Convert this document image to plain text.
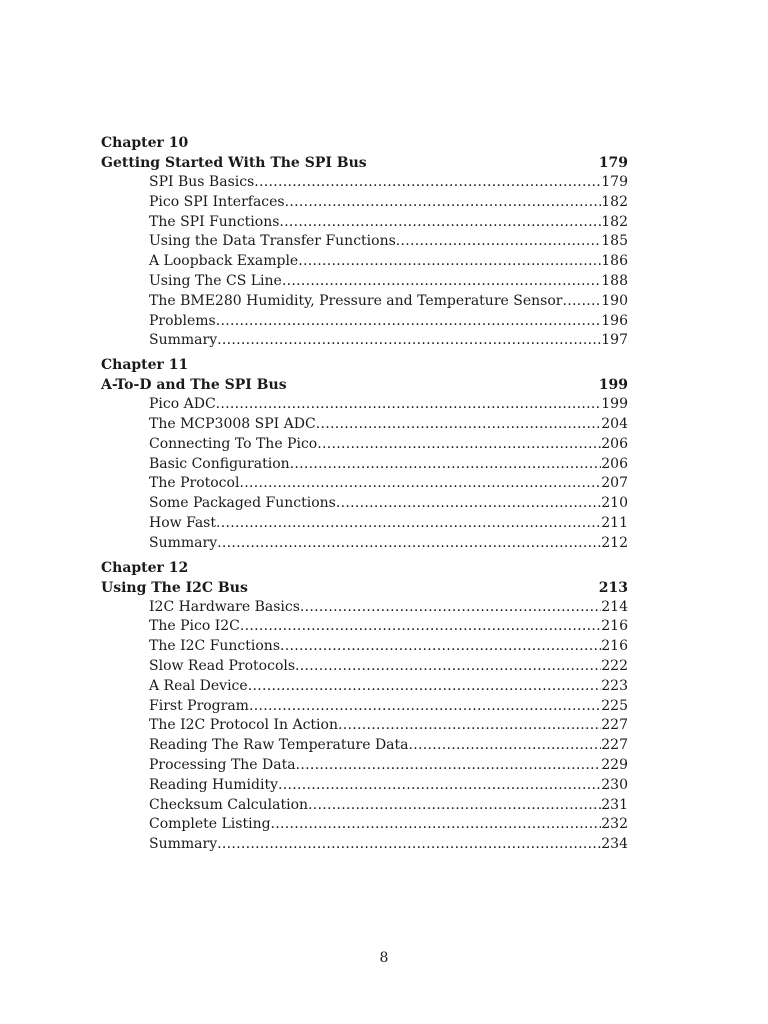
Chapter 10
Getting Started With The SPI Bus	179
SPI Bus Basics .....	179
Pico SPI Interfaces .....	182
The SPI Functions .....	182
Using the Data Transfer Functions .....	185
A Loopback Example .....	186
Using The CS Line .....	188
The BME280 Humidity, Pressure and Temperature Sensor .....	190
Problems .....	196
Summary .....	197
Chapter 11
A-To-D and The SPI Bus	199
Pico ADC .....	199
The MCP3008 SPI ADC .....	204
Connecting To The Pico .....	206
Basic Configuration .....	206
The Protocol .....	207
Some Packaged Functions .....	210
How Fast .....	211
Summary .....	212
Chapter 12
Using The I2C Bus	213
I2C Hardware Basics .....	214
The Pico I2C .....	216
The I2C Functions .....	216
Slow Read Protocols .....	222
A Real Device .....	223
First Program .....	225
The I2C Protocol In Action .....	227
Reading The Raw Temperature Data .....	227
Processing The Data .....	229
Reading Humidity .....	230
Checksum Calculation .....	231
Complete Listing .....	232
Summary .....	234
8
